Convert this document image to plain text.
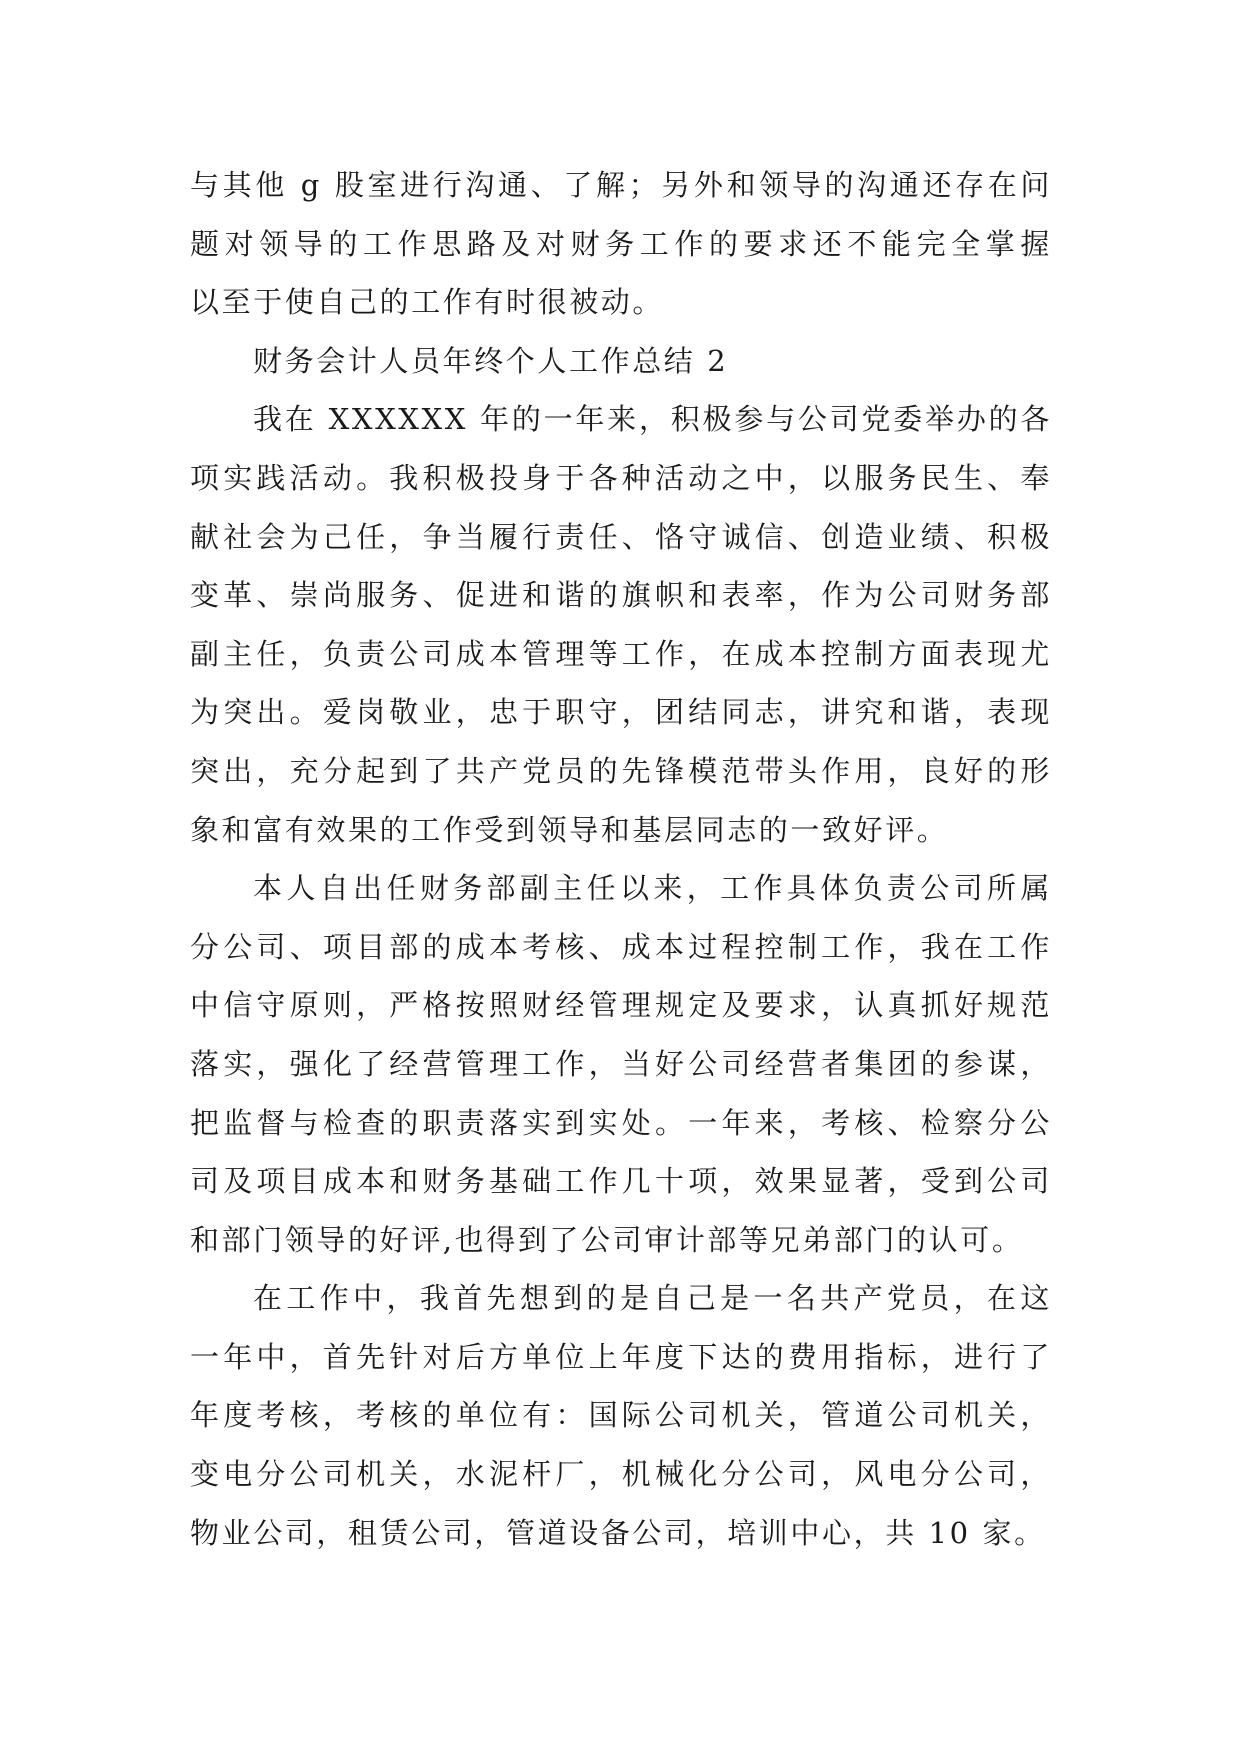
与其他 g 股室进行沟通、了解；另外和领导的沟通还存在问
题对领导的工作思路及对财务工作的要求还不能完全掌握
以至于使自己的工作有时很被动。

财务会计人员年终个人工作总结 2

我在 XXXXXX 年的一年来，积极参与公司党委举办的各
项实践活动。我积极投身于各种活动之中，以服务民生、奉
献社会为己任，争当履行责任、恪守诚信、创造业绩、积极
变革、崇尚服务、促进和谐的旗帜和表率，作为公司财务部
副主任，负责公司成本管理等工作，在成本控制方面表现尤
为突出。爱岗敬业，忠于职守，团结同志，讲究和谐，表现
突出，充分起到了共产党员的先锋模范带头作用，良好的形
象和富有效果的工作受到领导和基层同志的一致好评。

本人自出任财务部副主任以来，工作具体负责公司所属
分公司、项目部的成本考核、成本过程控制工作，我在工作
中信守原则，严格按照财经管理规定及要求，认真抓好规范
落实，强化了经营管理工作，当好公司经营者集团的参谋，
把监督与检查的职责落实到实处。一年来，考核、检察分公
司及项目成本和财务基础工作几十项，效果显著，受到公司
和部门领导的好评,也得到了公司审计部等兄弟部门的认可。

在工作中，我首先想到的是自己是一名共产党员，在这
一年中，首先针对后方单位上年度下达的费用指标，进行了
年度考核，考核的单位有：国际公司机关，管道公司机关，
变电分公司机关，水泥杆厂，机械化分公司，风电分公司，
物业公司，租赁公司，管道设备公司，培训中心，共 10 家。
